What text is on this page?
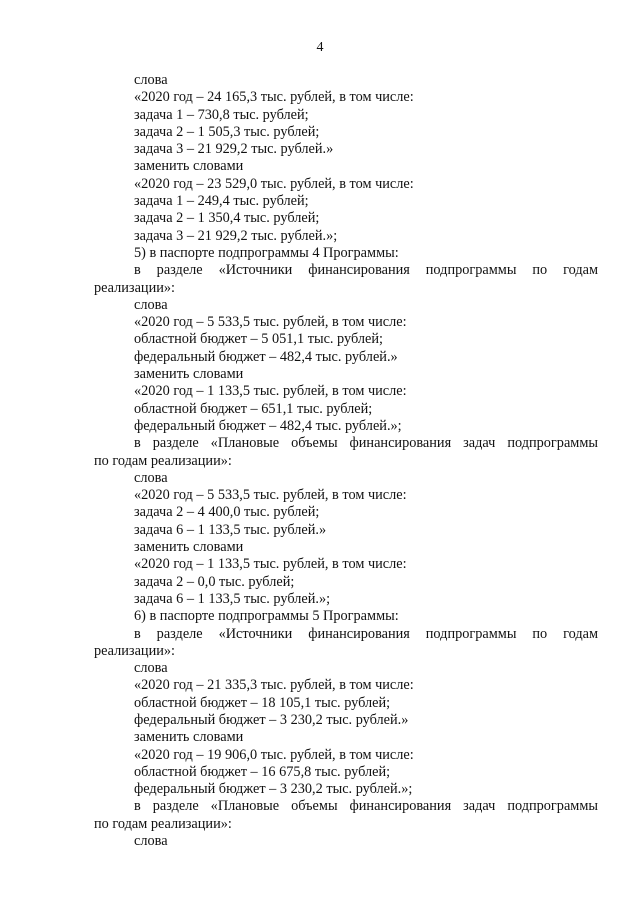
4
слова
«2020 год – 24 165,3 тыс. рублей, в том числе:
задача 1 – 730,8 тыс. рублей;
задача 2 – 1 505,3 тыс. рублей;
задача 3 – 21 929,2 тыс. рублей.»
заменить словами
«2020 год – 23 529,0 тыс. рублей, в том числе:
задача 1 – 249,4 тыс. рублей;
задача 2 – 1 350,4 тыс. рублей;
задача 3 – 21 929,2 тыс. рублей.»;
5) в паспорте подпрограммы 4 Программы:
в разделе «Источники финансирования подпрограммы по годам
реализации»:
слова
«2020 год – 5 533,5 тыс. рублей, в том числе:
областной бюджет – 5 051,1 тыс. рублей;
федеральный бюджет – 482,4 тыс. рублей.»
заменить словами
«2020 год – 1 133,5 тыс. рублей, в том числе:
областной бюджет – 651,1 тыс. рублей;
федеральный бюджет – 482,4 тыс. рублей.»;
в разделе «Плановые объемы финансирования задач подпрограммы
по годам реализации»:
слова
«2020 год – 5 533,5 тыс. рублей, в том числе:
задача 2 – 4 400,0 тыс. рублей;
задача 6 – 1 133,5 тыс. рублей.»
заменить словами
«2020 год – 1 133,5 тыс. рублей, в том числе:
задача 2 – 0,0 тыс. рублей;
задача 6 – 1 133,5 тыс. рублей.»;
6) в паспорте подпрограммы 5 Программы:
в разделе «Источники финансирования подпрограммы по годам
реализации»:
слова
«2020 год – 21 335,3 тыс. рублей, в том числе:
областной бюджет – 18 105,1 тыс. рублей;
федеральный бюджет – 3 230,2 тыс. рублей.»
заменить словами
«2020 год – 19 906,0 тыс. рублей, в том числе:
областной бюджет – 16 675,8 тыс. рублей;
федеральный бюджет – 3 230,2 тыс. рублей.»;
в разделе «Плановые объемы финансирования задач подпрограммы
по годам реализации»:
слова
